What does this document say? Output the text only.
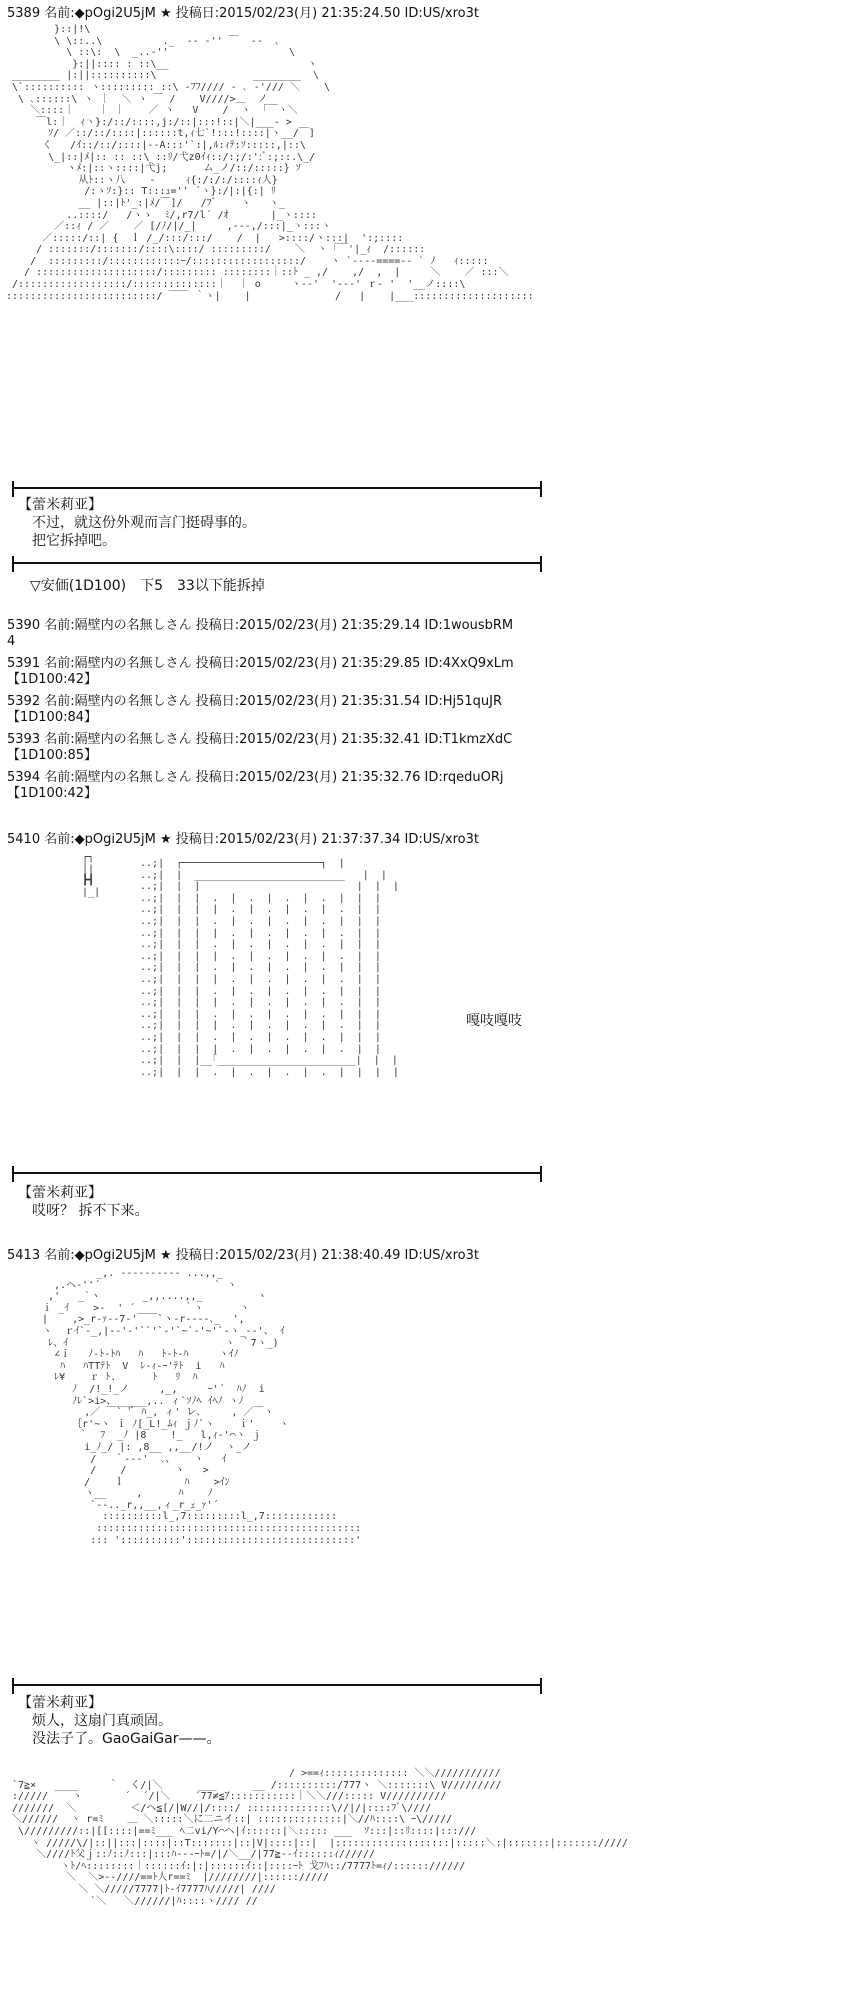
5389 名前:◆pOgi2U5jM ★ 投稿日:2015/02/23(月) 21:35:24.50 ID:US/xro3t
}::|!\
\ \::..\          ._  -- ‐'' ￣  ‐-  ､
\ ::\:  \  _..-''                    \
}:||:::: : ::\__                       ヽ
________ |:||::::::::::\                ________  \
\`:::::::::: ヽ::::::::: ::\ -ﾌﾌ//// ‐ ､ -'/// ＼    \
\ ､::::::\ ヽ ｜  ＼ ヽ ￣ /    V////>＿  ノ
＼::::｜    ｜ ｜    ／ ヽ   V    /  ヽ  ｢￣ヽ＼
￣l:｜  ｨヽ}:/::/::::,j:/::|:::!::|＼|___- >
ｿ/ ／::/::/::::|::::::t,ｨ七`!:::!::::|ヽ__/￣]
く   /ｲ::/::/::::|‐-A:::'`:|,ﾙ:ｨﾃ:ｿ:::::,|::\
\_|::|ﾒ|:: :: ::\ ::ﾘ/弋z0ｲｨ::/:;/:':ﾞ:;::.\_/
ヽﾒ:|::ヽ::::|弋j;      ム_ノ/::/:::::} ｿ
从ﾄ::ヽ八    -     ｨ{:/:/:/::::ｨ人}
/:ゝｿ:}:: T:::ｭ='' ´ヽ}:/|:|{:| ﾘ
__ |::|ﾄ'_:|ﾒ/￣]/   /ﾌﾞ    ヽ   ヽ_
..::::/   /ヽゝ  ﾐ/,r7/l´ /ｵ       |_ヽ::::
／::ｨ / ／    ／ [/ﾉ/|/_|     ,--‐,/:::|_ヽ:::ヽ
／:::::/::| {  ｌ /_/:::/:::/    /  |   >::::/ヽ:::|  ':;::::
/ :::::::/:::::::/::::\::::/ :::::::::/    ＼  ヽ ｢￣'|_ｨ  /::::::
/  :::::::::/::::::::::::ｰ/::::::::::::::::::/    ヽ `----====-- ` ﾉ   ｨ:::::
/ ::::::::::::::::::::/::::::::: ::::::::｜::ﾄ _ ,/    ,/  ,  |     ＼    ／ :::＼
/::::::::::::::::::/::::::::::::::｜  ｜ o     ヽ--'  '---' ｒ- '  '__ノ::::\
:::::::::::::::::::::::::/ ￣￣ ｀ヽ|    |              /   |    |___::::::::::::::::::::
【蕾米莉亚】
不过，就这份外观而言门挺碍事的。
把它拆掉吧。
▽安価(1D100)　下5　33以下能拆掉
5390 名前:隔壁内の名無しさん 投稿日:2015/02/23(月) 21:35:29.14 ID:1wousbRM
4
5391 名前:隔壁内の名無しさん 投稿日:2015/02/23(月) 21:35:29.85 ID:4XxQ9xLm
【1D100:42】
5392 名前:隔壁内の名無しさん 投稿日:2015/02/23(月) 21:35:31.54 ID:Hj51quJR
【1D100:84】
5393 名前:隔壁内の名無しさん 投稿日:2015/02/23(月) 21:35:32.41 ID:T1kmzXdC
【1D100:85】
5394 名前:隔壁内の名無しさん 投稿日:2015/02/23(月) 21:35:32.76 ID:rqeduORj
【1D100:42】
5410 名前:◆pOgi2U5jM ★ 投稿日:2015/02/23(月) 21:37:37.34 ID:US/xro3t
┌┐
│|
┣┫
|_|
..;|  ┌───────────────────────┐  |
..;|  |  _________________________   |  |
..;|  |  |                          |  |  |
..;|  |  |  .  |  .  |  .  |  .  |  |  |
..;|  |  |  |  .  |  .  |  .  |  .  |  |
..;|  |  |  .  |  .  |  .  |  .  |  |  |
..;|  |  |  |  .  |  .  |  .  |  .  |  |
..;|  |  |  .  |  .  |  .  |  .  |  |  |
..;|  |  |  |  .  |  .  |  .  |  .  |  |
..;|  |  |  .  |  .  |  .  |  .  |  |  |
..;|  |  |  |  .  |  .  |  .  |  .  |  |
..;|  |  |  .  |  .  |  .  |  .  |  |  |
..;|  |  |  |  .  |  .  |  .  |  .  |  |
..;|  |  |  .  |  .  |  .  |  .  |  |  |
..;|  |  |  |  .  |  .  |  .  |  .  |  |
..;|  |  |  .  |  .  |  .  |  .  |  |  |
..;|  |  |  |  .  |  .  |  .  |  .  |  |
..;|  |  |__｢_______________________|  |  |
..;|  |  |  .  |  .  |  .  |  .  |  |  |  |
嘎吱嘎吱
【蕾米莉亚】
哎呀？ 拆不下来。
5413 名前:◆pOgi2U5jM ★ 投稿日:2015/02/23(月) 21:38:40.49 ID:US/xro3t
_,. --‐‐‐‐‐‐‐- ...,,_
,.ヘ‐''´                   ` ヽ
,'   _`ヽ       _,,....,,_         ヽ
ｉ _ｲ    >‐  ' ´        ｀ヽ      ヽ
|    ,>_r-ｧ‐-7‐'￣￣`ヽ-r-‐‐-､_  ',
ヽ  ｒｲ`-_,|--'‐'``'`-'`~`-'~'`-ヽ_-‐'、 ｲ
ﾚ、ｲ                          ヽ ｀7ヽ_)
∠ｉ   ﾉ-ﾄ-ﾄﾊ   ﾊ   ﾄ-ﾄ-ﾊ     ヽｲﾉ
ﾊ   ﾊTTﾃﾄ  V  ﾚ-ｨ‐ｰ'ﾃﾄ  i   ﾊ
ﾚ¥    ｒ ﾄ.      ﾄ   ﾘ  ﾊ
ﾉ  /!_!_ノ     ,_,     ｰ'´  ﾊﾉ  i
ﾉﾚ`>i>、_____,.. ィ`ｿﾉﾍ ｲﾍﾉ ヽﾉ
,／ ￣` 'ﾞ ﾊ_, ィ' レ､     , ／￣ヽ
｛r'~ヽ ｉ ﾉ[_L!_ﾑｨ ｊﾉ`ヽ    ｉ'    ヽ
｀  ﾌ  _ﾉ |8    !_   l,ｨ‐'⌒ヽ ｊ
i_ﾉ_/ |: ,8__ ,,__/!ノ  ヽ_ノ
/   ｀‐--'  ､、   ヽ   ｲ
/    /        ヽ   >
/    ｌ          ﾊ    >ｲﾝ
ヽ__     ,      ﾊ    ﾉ
`‐-.._r,,__,ィ_r_ｪ_ｧ'´
::::::::::l_,7:::::::::l_,7::::::::::::
::::::::::::::::::::::::::::::::::::::::::::
::: '::::::::::'::::::::::::::::::::::::::::'
【蕾米莉亚】
烦人，这扇门真顽固。
没法子了。GaoGaiGar——。
/ >==ｨ:::::::::::::: ＼＼///////////
`7≧×   ____     ｀  く/|＼      ___      __ /::::::::::/777ヽ ＼:::::::\ V/////////
://///    ヽ       ´  ´/|＼    ´77≠≦ｱ:::::::::::｜＼＼///::::: V//////////
///////  ＼         ＜/ヘ≦[/|W//|/::::/ ::::::::::::::\//|/|::::ﾌﾞ\////
＼//////  ヽ r=ﾐ    ＿ ＼:::::＼に二ニイ::| ::::::::::::::|＼//ﾊ::::\ ｰ\/////
\/////////::|[[::::|==ﾐ___ ﾍ二vi/Y⌒ヘ|ｲ::::::|＼::::: ___  ｿ:::|::ﾘ::::|:::///
ヽ /////\/|::||:::|::::|::T:::::::|::|V|::::|::|  |:::::::::::::::::::|:::::＼:|:::::::|::::::://///
＼////ﾄ父ｊ::ﾉ::ﾉ:::|:::ﾊ--‐ｰﾄ=/|/＼__/|77≧‐‐ｲ::::::ｨ//////
ヽﾄ/ﾍ::::::::｜::::::ｲ:|:|::::::ｲ::|::::ｰﾄ 戈ﾌﾊ::/7777ﾄ=ｨ/:::::://////
＼  ＼>‐‐////==ﾄ人r==ﾐ  |////////|:::::://///
＼ ＼/////7777|ﾄ-ｲ7777ﾊ/////| ////
`＼   ＼//////|ﾊ::::ヽ//// //
